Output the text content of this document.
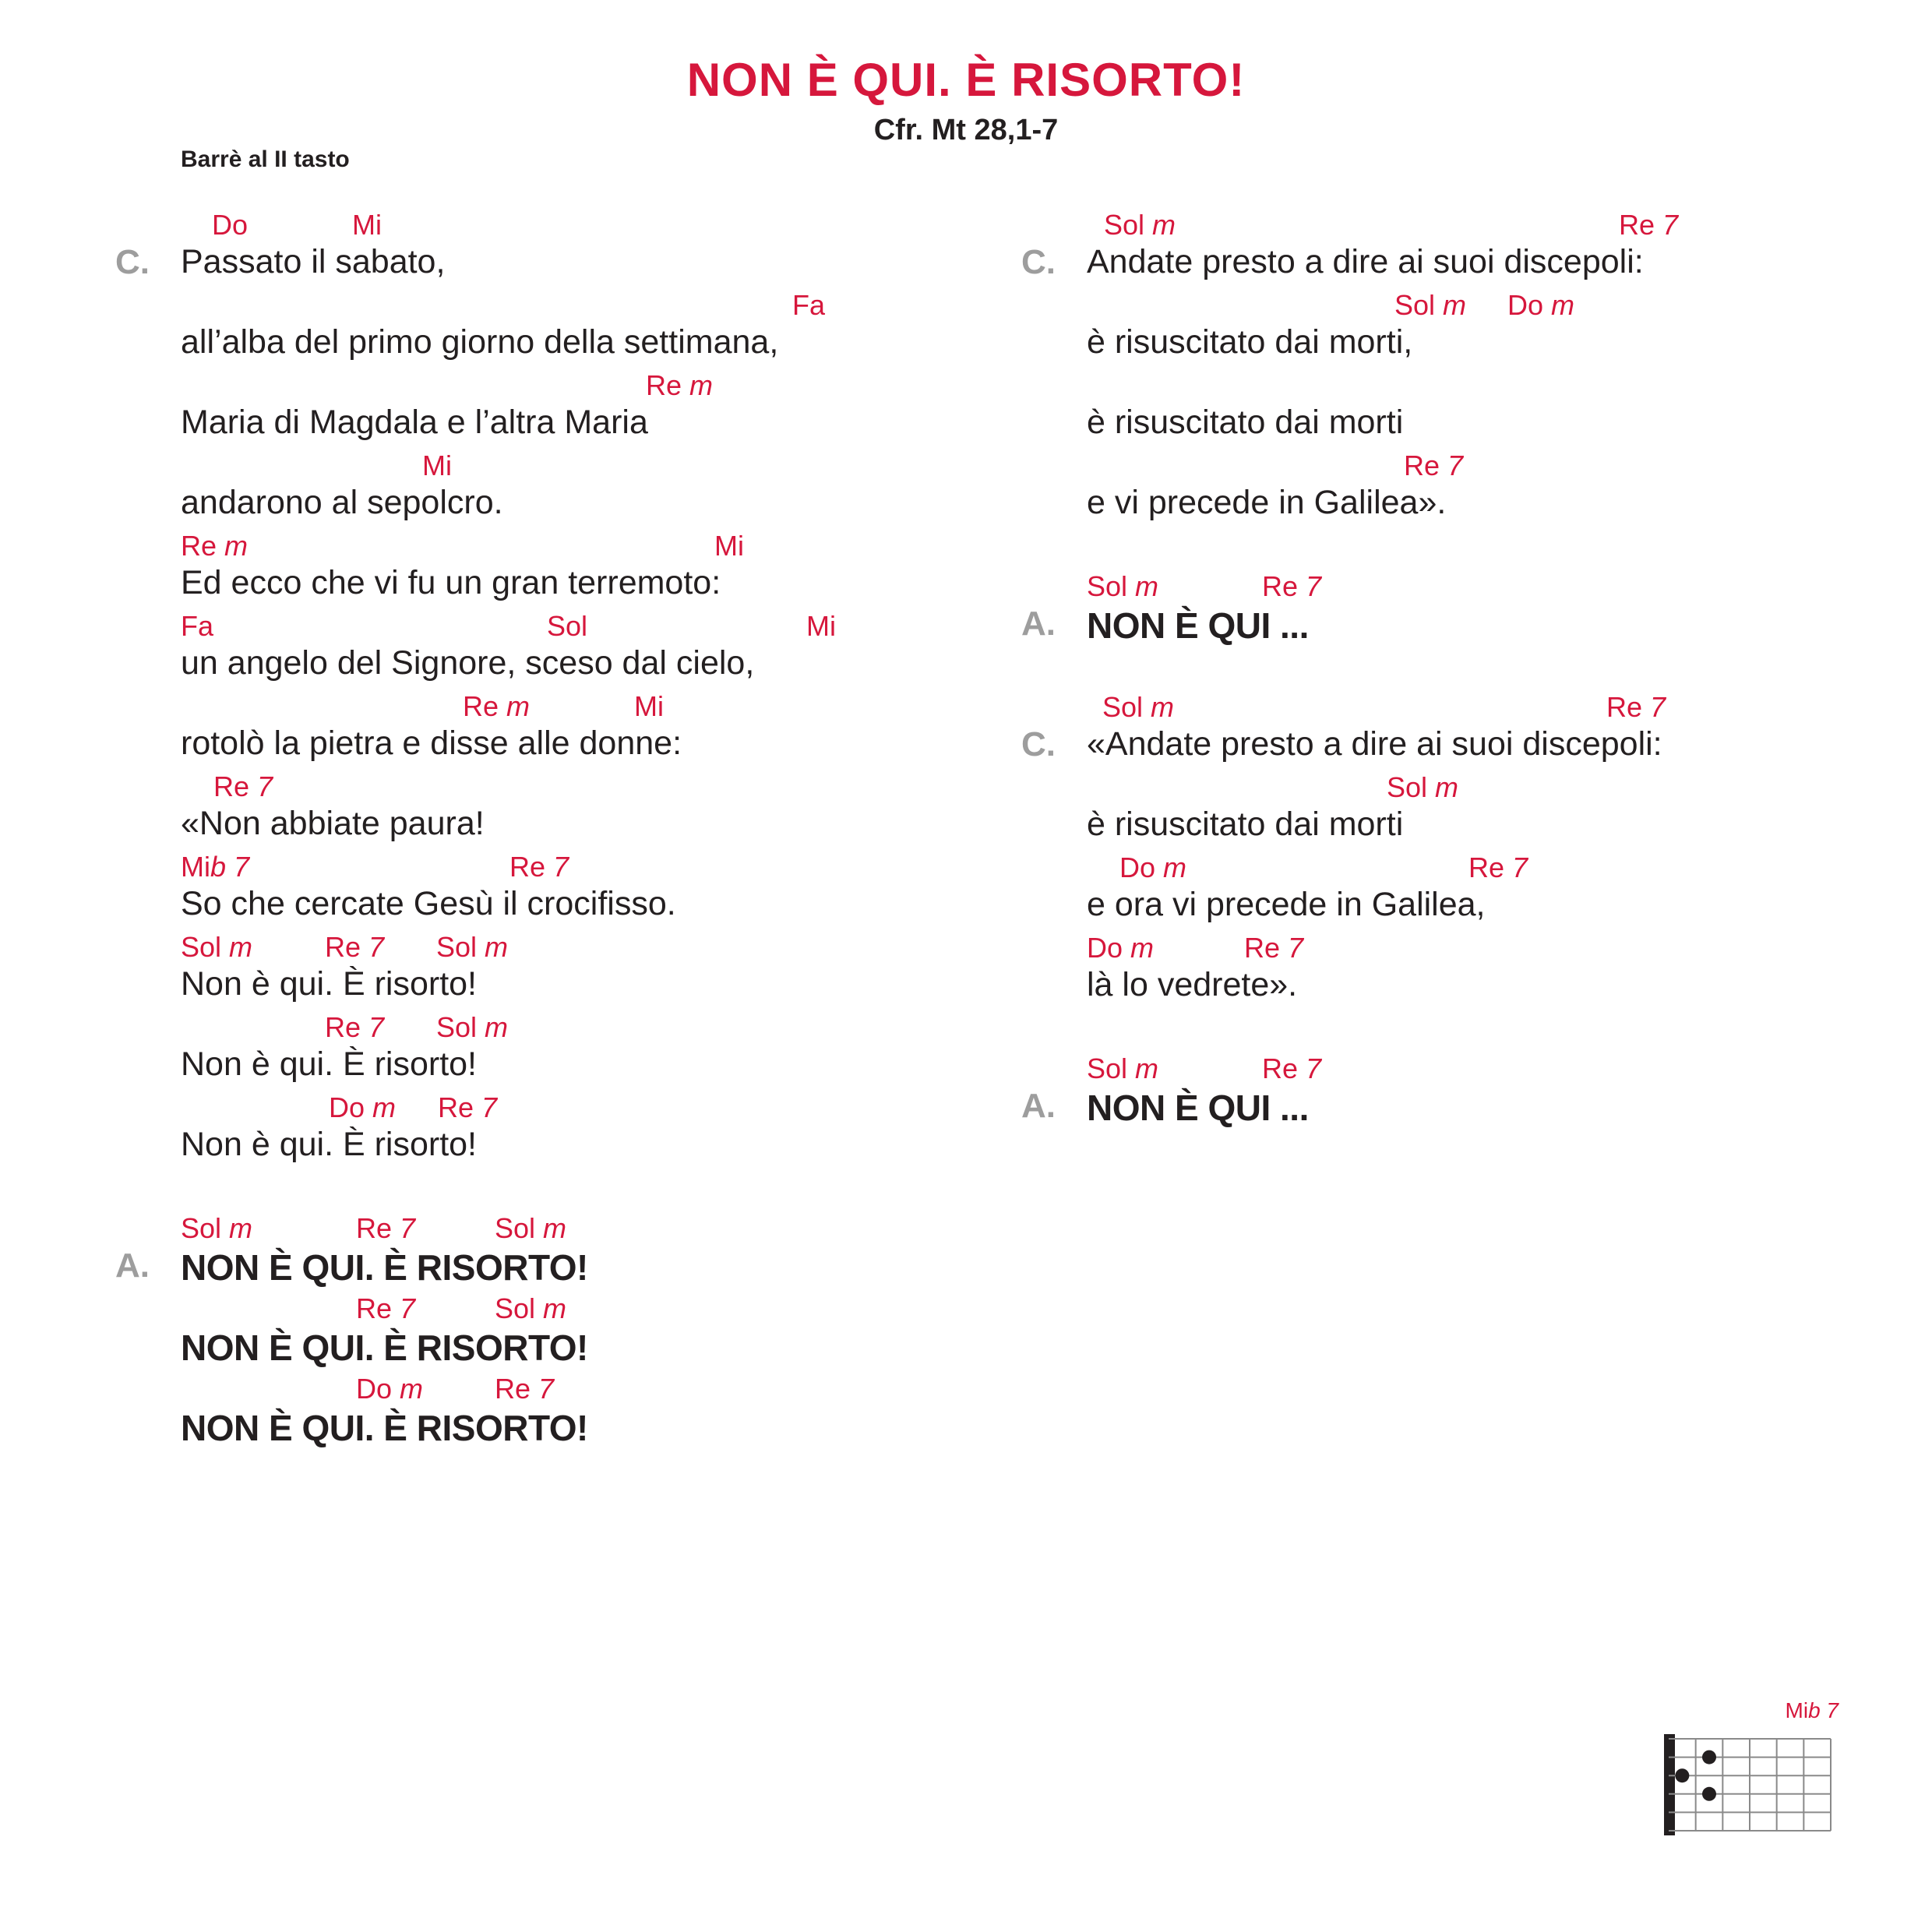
NON È QUI. È RISORTO!
Cfr. Mt 28,1-7
Barrè al II tasto
C.
Do	Mi
Passato il sabato,
Fa
all’alba del primo giorno della settimana,
Re m
Maria di Magdala e l’altra Maria
Mi
andarono al sepolcro.
Re m	Mi
Ed ecco che vi fu un gran terremoto:
Fa	Sol	Mi
un angelo del Signore, sceso dal cielo,
Re m	Mi
rotolò la pietra e disse alle donne:
Re 7
«Non abbiate paura!
Mib 7	Re 7
So che cercate Gesù il crocifisso.
Sol m	Re 7 Sol m
Non è qui. È risorto!
Re 7 Sol m
Non è qui. È risorto!
Do m Re 7
Non è qui. È risorto!
A.
Sol m	Re 7	Sol m
NON È QUI. È RISORTO!
Re 7	Sol m
NON È QUI. È RISORTO!
Do m	Re 7
NON È QUI. È RISORTO!
C.
Sol m	Re 7
Andate presto a dire ai suoi discepoli:
Sol m Do m
è risuscitato dai morti,
è risuscitato dai morti
Re 7
e vi precede in Galilea».
A.
Sol m	Re 7
NON È QUI ...
C.
Sol m	Re 7
«Andate presto a dire ai suoi discepoli:
Sol m
è risuscitato dai morti
Do m	Re 7
e ora vi precede in Galilea,
Do m	Re 7
là lo vedrete».
A.
Sol m	Re 7
NON È QUI ...
Mib 7
